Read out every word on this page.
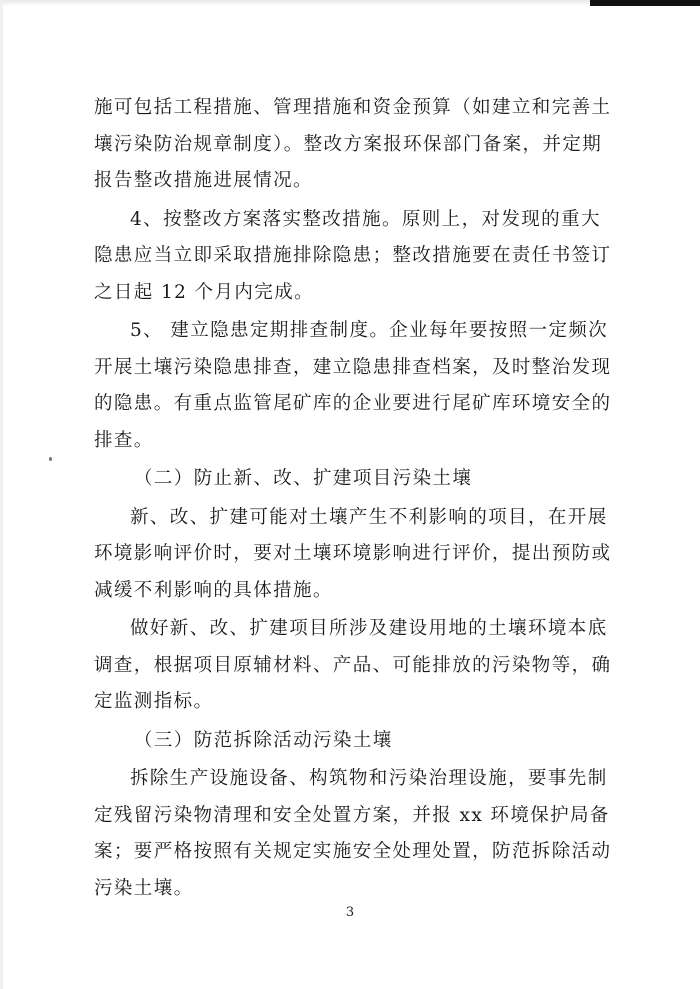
施可包括工程措施、管理措施和资金预算（如建立和完善土
壤污染防治规章制度）。整改方案报环保部门备案，并定期
报告整改措施进展情况。
4、按整改方案落实整改措施。原则上，对发现的重大
隐患应当立即采取措施排除隐患；整改措施要在责任书签订
之日起 12 个月内完成。
5、 建立隐患定期排查制度。企业每年要按照一定频次
开展土壤污染隐患排查，建立隐患排查档案，及时整治发现
的隐患。有重点监管尾矿库的企业要进行尾矿库环境安全的
排查。
（二）防止新、改、扩建项目污染土壤
新、改、扩建可能对土壤产生不利影响的项目，在开展
环境影响评价时，要对土壤环境影响进行评价，提出预防或
减缓不利影响的具体措施。
做好新、改、扩建项目所涉及建设用地的土壤环境本底
调查，根据项目原辅材料、产品、可能排放的污染物等，确
定监测指标。
（三）防范拆除活动污染土壤
拆除生产设施设备、构筑物和污染治理设施，要事先制
定残留污染物清理和安全处置方案，并报 xx 环境保护局备
案；要严格按照有关规定实施安全处理处置，防范拆除活动
污染土壤。
3
